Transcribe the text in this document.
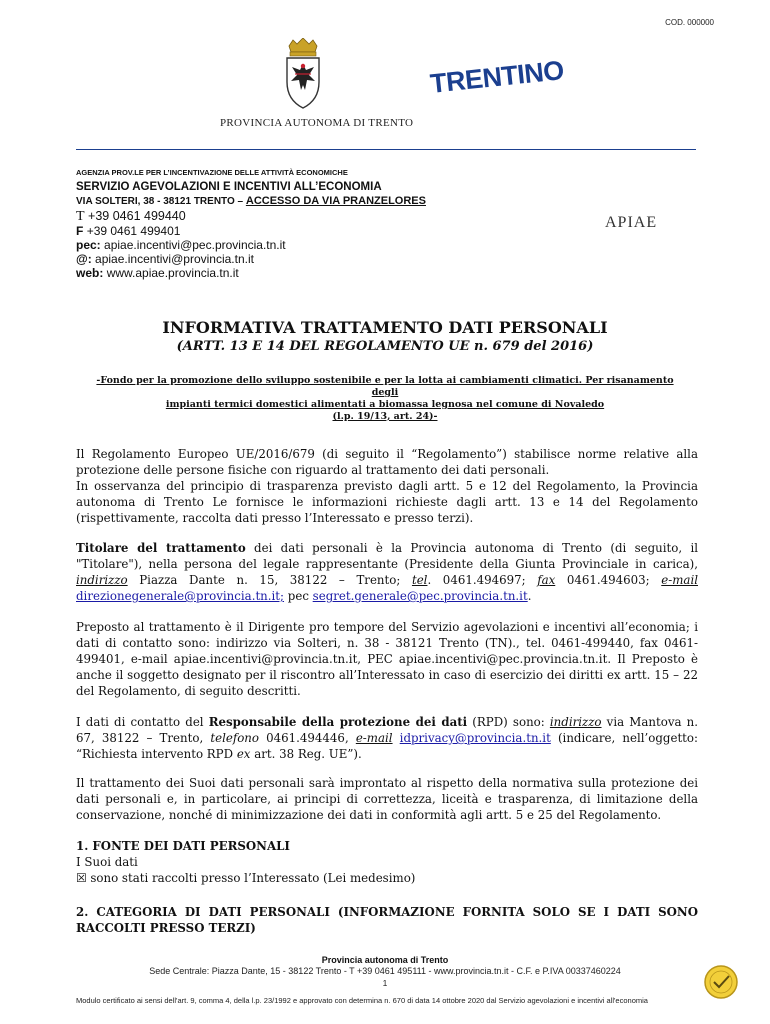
COD. 000000
PROVINCIA AUTONOMA DI TRENTO
TRENTINO
AGENZIA PROV.LE PER L’INCENTIVAZIONE DELLE ATTIVITÀ ECONOMICHE
SERVIZIO AGEVOLAZIONI E INCENTIVI ALL’ECONOMIA
VIA SOLTERI, 38 - 38121 TRENTO – ACCESSO DA VIA PRANZELORES
T +39 0461 499440
F +39 0461 499401
pec: apiae.incentivi@pec.provincia.tn.it
@: apiae.incentivi@provincia.tn.it
web: www.apiae.provincia.tn.it
APIAE
INFORMATIVA TRATTAMENTO DATI PERSONALI
(ARTT. 13 E 14 DEL REGOLAMENTO UE n. 679 del 2016)
-Fondo per la promozione dello sviluppo sostenibile e per la lotta ai cambiamenti climatici. Per risanamento degli
impianti termici domestici alimentati a biomassa legnosa nel comune di Novaledo
(l.p. 19/13, art. 24)-
Il Regolamento Europeo UE/2016/679 (di seguito il “Regolamento”) stabilisce norme relative alla protezione delle persone fisiche con riguardo al trattamento dei dati personali.
In osservanza del principio di trasparenza previsto dagli artt. 5 e 12 del Regolamento, la Provincia autonoma di Trento Le fornisce le informazioni richieste dagli artt. 13 e 14 del Regolamento (rispettivamente, raccolta dati presso l’Interessato e presso terzi).
Titolare del trattamento dei dati personali è la Provincia autonoma di Trento (di seguito, il "Titolare"), nella persona del legale rappresentante (Presidente della Giunta Provinciale in carica), indirizzo Piazza Dante n. 15, 38122 – Trento; tel. 0461.494697; fax 0461.494603; e-mail direzionegenerale@provincia.tn.it; pec segret.generale@pec.provincia.tn.it.
Preposto al trattamento è il Dirigente pro tempore del Servizio agevolazioni e incentivi all’economia; i dati di contatto sono: indirizzo via Solteri, n. 38 - 38121 Trento (TN)., tel. 0461-499440, fax 0461-499401, e-mail apiae.incentivi@provincia.tn.it, PEC apiae.incentivi@pec.provincia.tn.it. Il Preposto è anche il soggetto designato per il riscontro all’Interessato in caso di esercizio dei diritti ex artt. 15 – 22 del Regolamento, di seguito descritti.
I dati di contatto del Responsabile della protezione dei dati (RPD) sono: indirizzo via Mantova n. 67, 38122 – Trento, telefono 0461.494446, e-mail idprivacy@provincia.tn.it (indicare, nell’oggetto: “Richiesta intervento RPD ex art. 38 Reg. UE”).
Il trattamento dei Suoi dati personali sarà improntato al rispetto della normativa sulla protezione dei dati personali e, in particolare, ai principi di correttezza, liceità e trasparenza, di limitazione della conservazione, nonché di minimizzazione dei dati in conformità agli artt. 5 e 25 del Regolamento.
1. FONTE DEI DATI PERSONALI
I Suoi dati
☒ sono stati raccolti presso l’Interessato (Lei medesimo)
2. CATEGORIA DI DATI PERSONALI (INFORMAZIONE FORNITA SOLO SE I DATI SONO RACCOLTI PRESSO TERZI)
Provincia autonoma di Trento
Sede Centrale: Piazza Dante, 15 - 38122 Trento - T +39 0461 495111 - www.provincia.tn.it - C.F. e P.IVA 00337460224
1
Modulo certificato ai sensi dell'art. 9, comma 4, della l.p. 23/1992 e approvato con determina n. 670 di data 14 ottobre 2020 dal Servizio agevolazioni e incentivi all'economia
